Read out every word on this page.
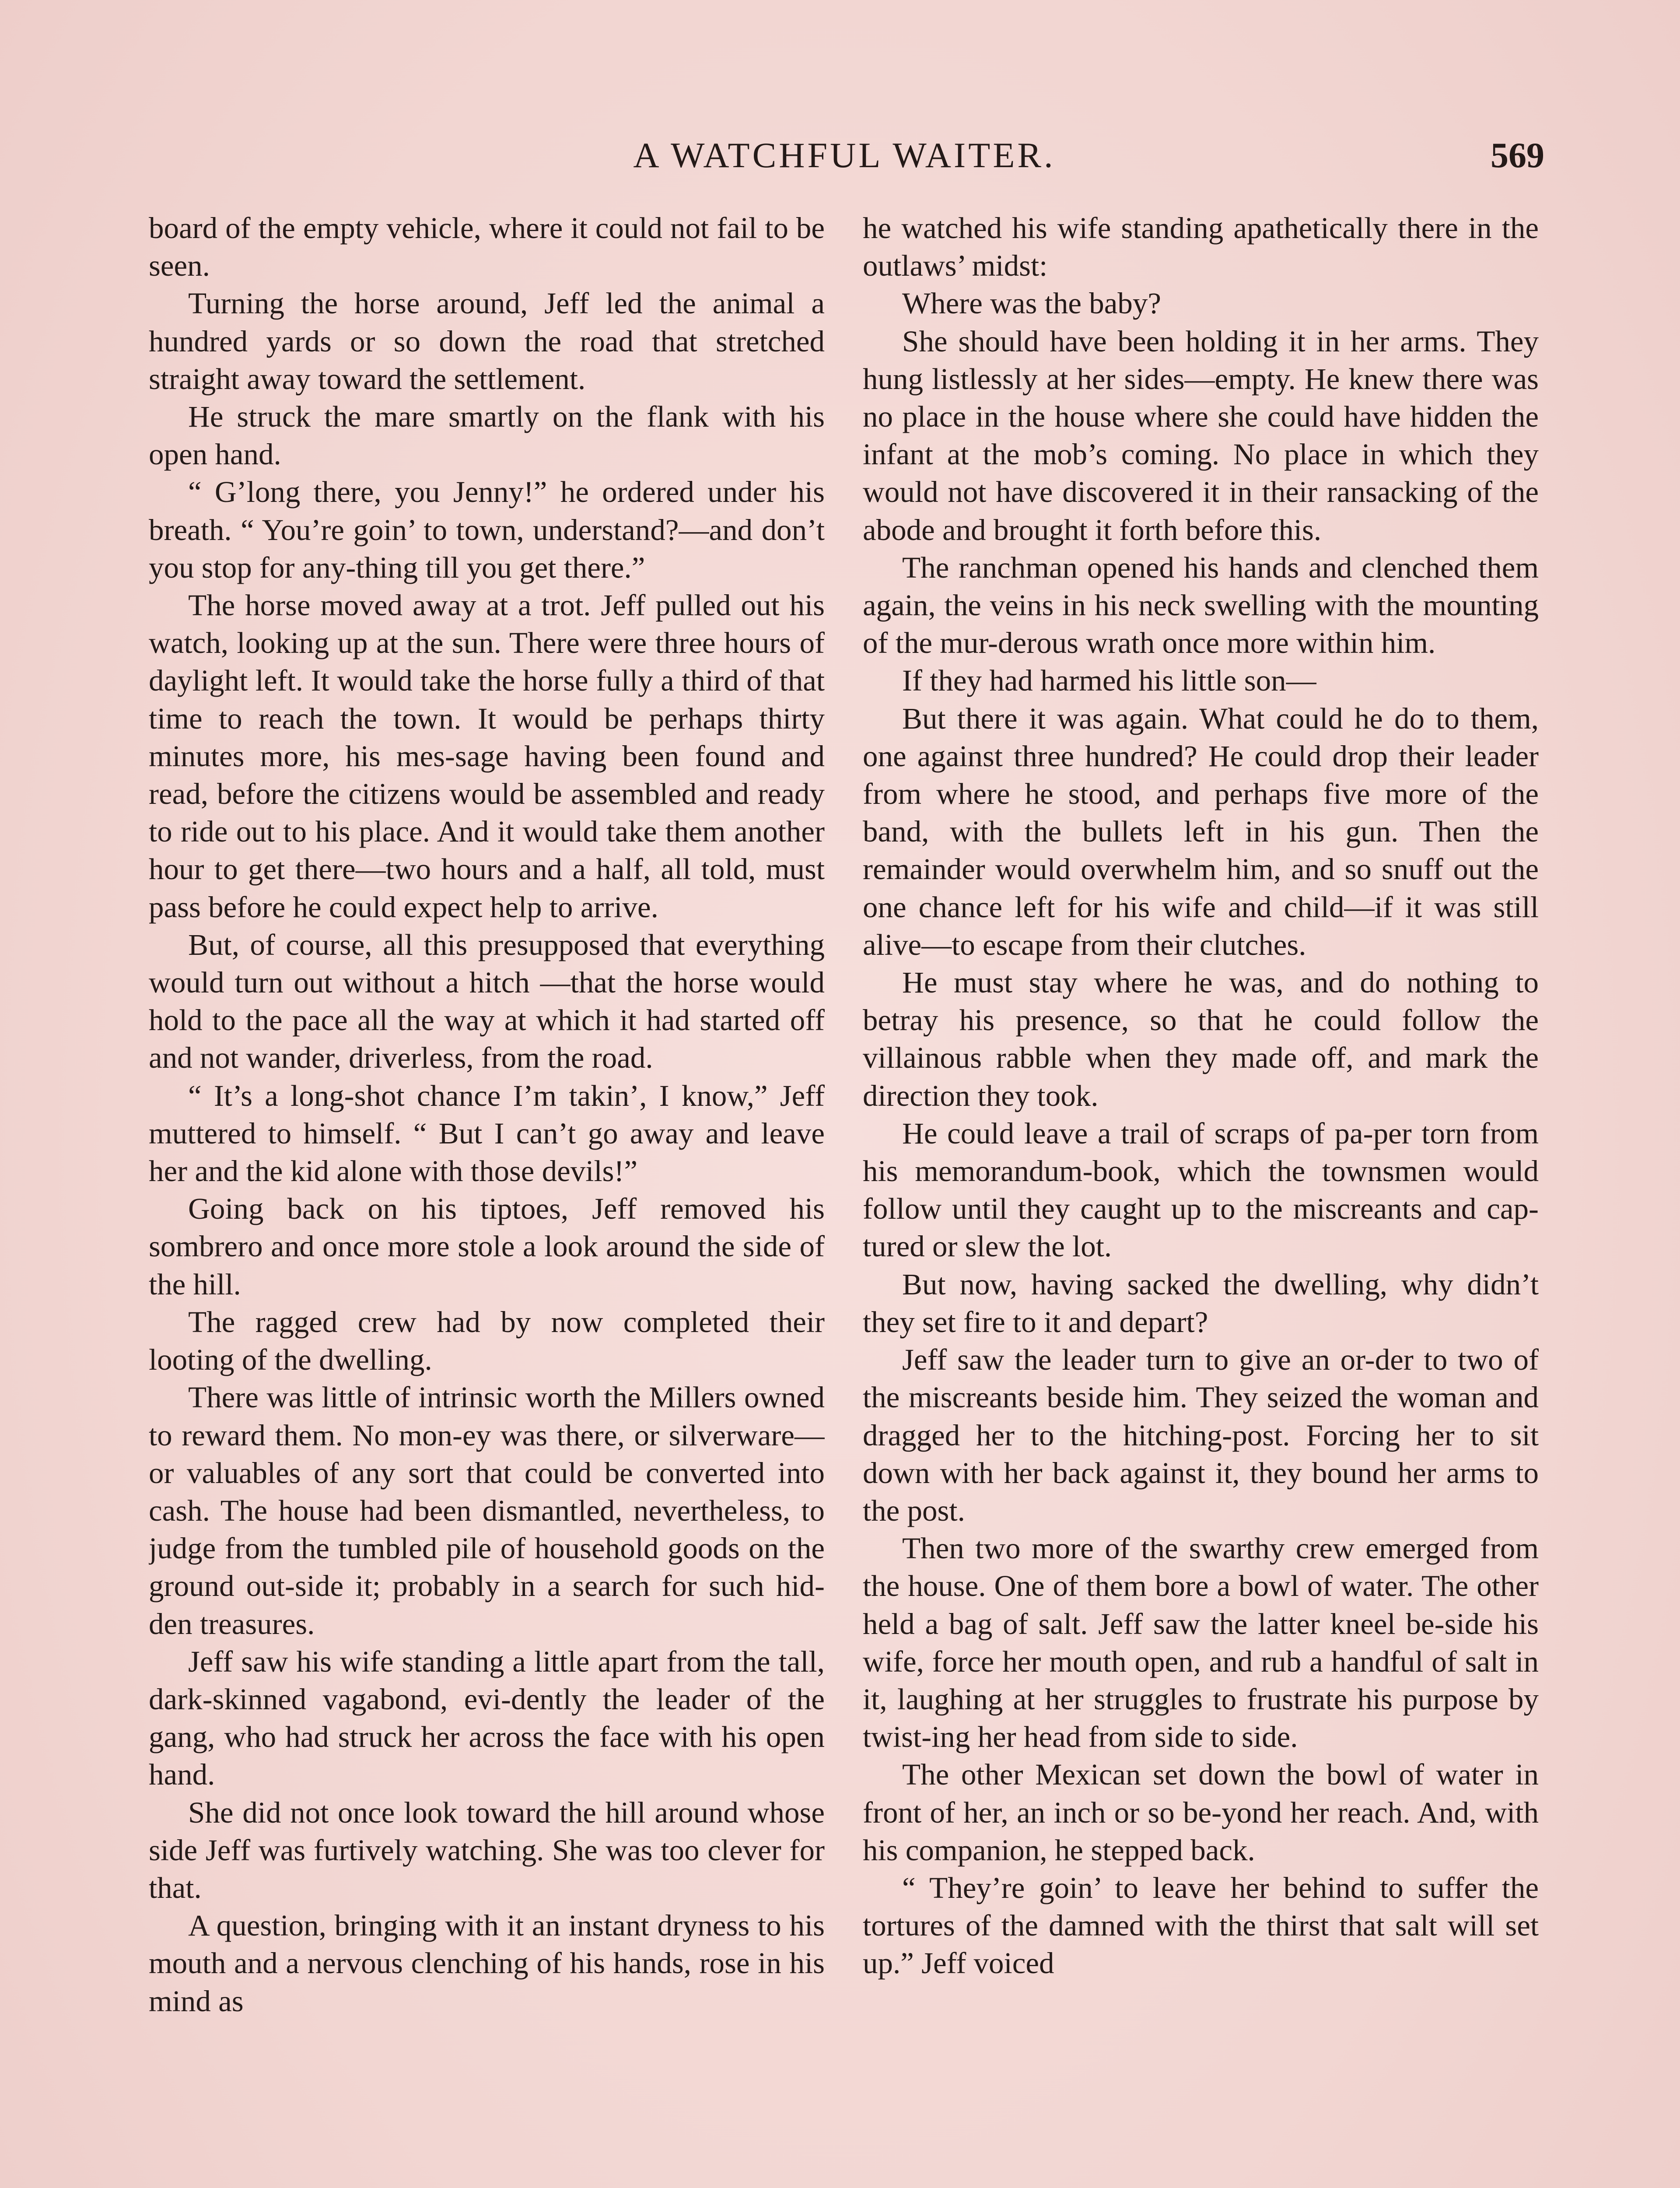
A WATCHFUL WAITER.	569

board of the empty vehicle, where it could not fail to be seen.

Turning the horse around, Jeff led the animal a hundred yards or so down the road that stretched straight away toward the settlement.

He struck the mare smartly on the flank with his open hand.

“ G’long there, you Jenny!” he ordered under his breath. “ You’re goin’ to town, understand?—and don’t you stop for any-thing till you get there.”

The horse moved away at a trot. Jeff pulled out his watch, looking up at the sun. There were three hours of daylight left. It would take the horse fully a third of that time to reach the town. It would be perhaps thirty minutes more, his mes-sage having been found and read, before the citizens would be assembled and ready to ride out to his place. And it would take them another hour to get there—two hours and a half, all told, must pass before he could expect help to arrive.

But, of course, all this presupposed that everything would turn out without a hitch —that the horse would hold to the pace all the way at which it had started off and not wander, driverless, from the road.

“ It’s a long-shot chance I’m takin’, I know,” Jeff muttered to himself. “ But I can’t go away and leave her and the kid alone with those devils!”

Going back on his tiptoes, Jeff removed his sombrero and once more stole a look around the side of the hill.

The ragged crew had by now completed their looting of the dwelling.

There was little of intrinsic worth the Millers owned to reward them. No mon-ey was there, or silverware—or valuables of any sort that could be converted into cash. The house had been dismantled, nevertheless, to judge from the tumbled pile of household goods on the ground out-side it; probably in a search for such hid-den treasures.

Jeff saw his wife standing a little apart from the tall, dark-skinned vagabond, evi-dently the leader of the gang, who had struck her across the face with his open hand.

She did not once look toward the hill around whose side Jeff was furtively watching. She was too clever for that.

A question, bringing with it an instant dryness to his mouth and a nervous clenching of his hands, rose in his mind as

he watched his wife standing apathetically there in the outlaws’ midst:

Where was the baby?

She should have been holding it in her arms. They hung listlessly at her sides—empty. He knew there was no place in the house where she could have hidden the infant at the mob’s coming. No place in which they would not have discovered it in their ransacking of the abode and brought it forth before this.

The ranchman opened his hands and clenched them again, the veins in his neck swelling with the mounting of the mur-derous wrath once more within him.

If they had harmed his little son—

But there it was again. What could he do to them, one against three hundred? He could drop their leader from where he stood, and perhaps five more of the band, with the bullets left in his gun. Then the remainder would overwhelm him, and so snuff out the one chance left for his wife and child—if it was still alive—to escape from their clutches.

He must stay where he was, and do nothing to betray his presence, so that he could follow the villainous rabble when they made off, and mark the direction they took.

He could leave a trail of scraps of pa-per torn from his memorandum-book, which the townsmen would follow until they caught up to the miscreants and cap-tured or slew the lot.

But now, having sacked the dwelling, why didn’t they set fire to it and depart?

Jeff saw the leader turn to give an or-der to two of the miscreants beside him. They seized the woman and dragged her to the hitching-post. Forcing her to sit down with her back against it, they bound her arms to the post.

Then two more of the swarthy crew emerged from the house. One of them bore a bowl of water. The other held a bag of salt. Jeff saw the latter kneel be-side his wife, force her mouth open, and rub a handful of salt in it, laughing at her struggles to frustrate his purpose by twist-ing her head from side to side.

The other Mexican set down the bowl of water in front of her, an inch or so be-yond her reach. And, with his companion, he stepped back.

“ They’re goin’ to leave her behind to suffer the tortures of the damned with the thirst that salt will set up.” Jeff voiced
